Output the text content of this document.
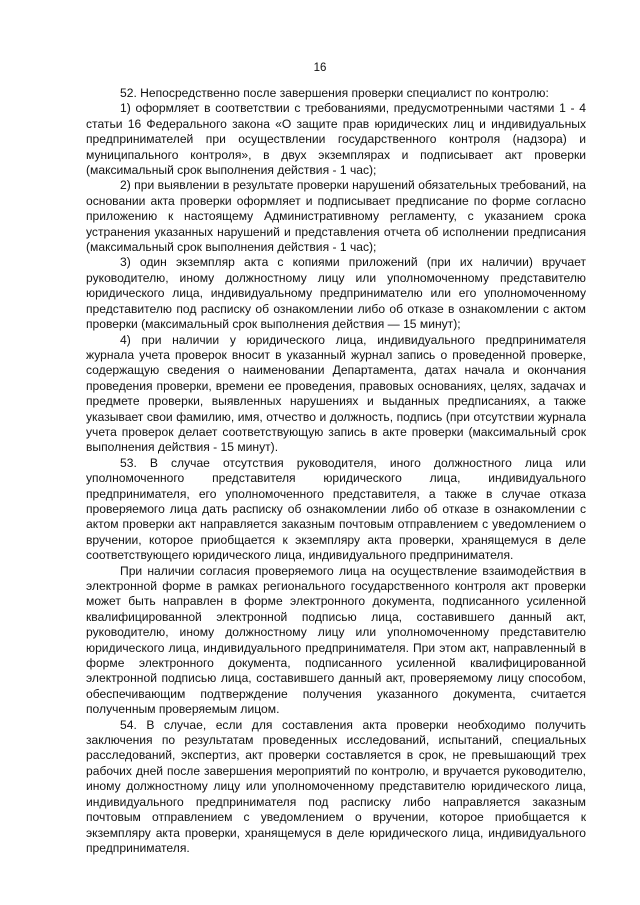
16

52. Непосредственно после завершения проверки специалист по контролю:

1) оформляет в соответствии с требованиями, предусмотренными частями 1 - 4 статьи 16 Федерального закона «О защите прав юридических лиц и индивидуальных предпринимателей при осуществлении государственного контроля (надзора) и муниципального контроля», в двух экземплярах и подписывает акт проверки (максимальный срок выполнения действия - 1 час);

2) при выявлении в результате проверки нарушений обязательных требований, на основании акта проверки оформляет и подписывает предписание по форме согласно приложению к настоящему Административному регламенту, с указанием срока устранения указанных нарушений и представления отчета об исполнении предписания (максимальный срок выполнения действия - 1 час);

3) один экземпляр акта с копиями приложений (при их наличии) вручает руководителю, иному должностному лицу или уполномоченному представителю юридического лица, индивидуальному предпринимателю или его уполномоченному представителю под расписку об ознакомлении либо об отказе в ознакомлении с актом проверки (максимальный срок выполнения действия — 15 минут);

4) при наличии у юридического лица, индивидуального предпринимателя журнала учета проверок вносит в указанный журнал запись о проведенной проверке, содержащую сведения о наименовании Департамента, датах начала и окончания проведения проверки, времени ее проведения, правовых основаниях, целях, задачах и предмете проверки, выявленных нарушениях и выданных предписаниях, а также указывает свои фамилию, имя, отчество и должность, подпись (при отсутствии журнала учета проверок делает соответствующую запись в акте проверки (максимальный срок выполнения действия - 15 минут).

53. В случае отсутствия руководителя, иного должностного лица или уполномоченного представителя юридического лица, индивидуального предпринимателя, его уполномоченного представителя, а также в случае отказа проверяемого лица дать расписку об ознакомлении либо об отказе в ознакомлении с актом проверки акт направляется заказным почтовым отправлением с уведомлением о вручении, которое приобщается к экземпляру акта проверки, хранящемуся в деле соответствующего юридического лица, индивидуального предпринимателя.

При наличии согласия проверяемого лица на осуществление взаимодействия в электронной форме в рамках регионального государственного контроля акт проверки может быть направлен в форме электронного документа, подписанного усиленной квалифицированной электронной подписью лица, составившего данный акт, руководителю, иному должностному лицу или уполномоченному представителю юридического лица, индивидуального предпринимателя. При этом акт, направленный в форме электронного документа, подписанного усиленной квалифицированной электронной подписью лица, составившего данный акт, проверяемому лицу способом, обеспечивающим подтверждение получения указанного документа, считается полученным проверяемым лицом.

54. В случае, если для составления акта проверки необходимо получить заключения по результатам проведенных исследований, испытаний, специальных расследований, экспертиз, акт проверки составляется в срок, не превышающий трех рабочих дней после завершения мероприятий по контролю, и вручается руководителю, иному должностному лицу или уполномоченному представителю юридического лица, индивидуального предпринимателя под расписку либо направляется заказным почтовым отправлением с уведомлением о вручении, которое приобщается к экземпляру акта проверки, хранящемуся в деле юридического лица, индивидуального предпринимателя.
